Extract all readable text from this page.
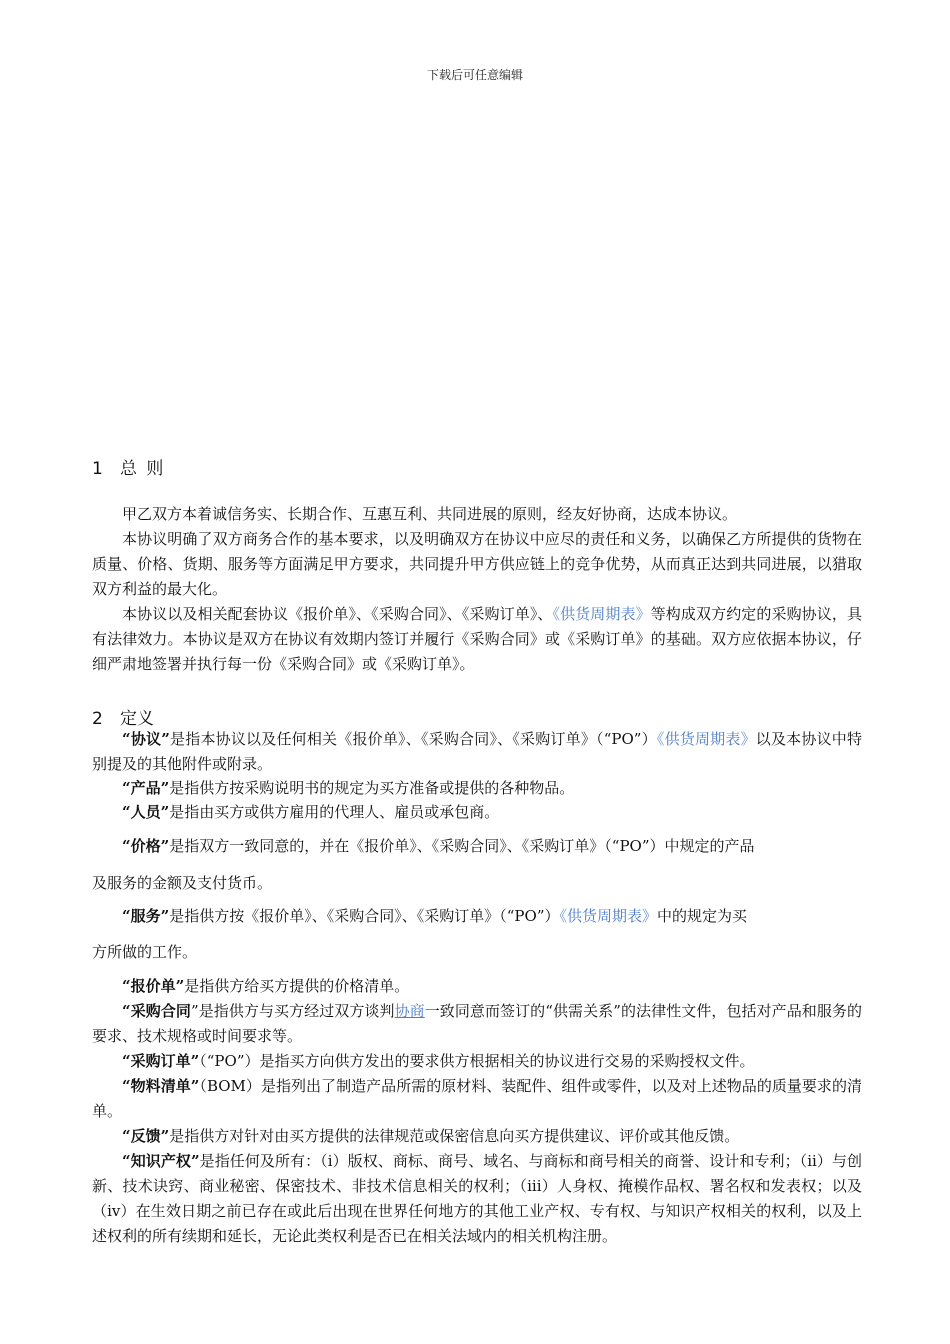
下载后可任意编辑
1 总 则

甲乙双方本着诚信务实、长期合作、互惠互利、共同进展的原则，经友好协商，达成本协议。

本协议明确了双方商务合作的基本要求，以及明确双方在协议中应尽的责任和义务，以确保乙方所提供的货物在质量、价格、货期、服务等方面满足甲方要求，共同提升甲方供应链上的竞争优势，从而真正达到共同进展，以猎取双方利益的最大化。

本协议以及相关配套协议《报价单》、《采购合同》、《采购订单》、《供货周期表》等构成双方约定的采购协议，具有法律效力。本协议是双方在协议有效期内签订并履行《采购合同》或《采购订单》的基础。双方应依据本协议，仔细严肃地签署并执行每一份《采购合同》或《采购订单》。

2 定义

“协议”是指本协议以及任何相关《报价单》、《采购合同》、《采购订单》（“PO”）《供货周期表》以及本协议中特别提及的其他附件或附录。

“产品”是指供方按采购说明书的规定为买方准备或提供的各种物品。

“人员”是指由买方或供方雇用的代理人、雇员或承包商。

“价格”是指双方一致同意的，并在《报价单》、《采购合同》、《采购订单》（“PO”）中规定的产品

及服务的金额及支付货币。

“服务”是指供方按《报价单》、《采购合同》、《采购订单》（“PO”）《供货周期表》中的规定为买

方所做的工作。

“报价单”是指供方给买方提供的价格清单。

“采购合同”是指供方与买方经过双方谈判协商一致同意而签订的“供需关系”的法律性文件，包括对产品和服务的要求、技术规格或时间要求等。

“采购订单”（“PO”）是指买方向供方发出的要求供方根据相关的协议进行交易的采购授权文件。

“物料清单”（BOM）是指列出了制造产品所需的原材料、装配件、组件或零件，以及对上述物品的质量要求的清单。

“反馈”是指供方对针对由买方提供的法律规范或保密信息向买方提供建议、评价或其他反馈。

“知识产权”是指任何及所有：（i）版权、商标、商号、域名、与商标和商号相关的商誉、设计和专利；（ii）与创新、技术诀窍、商业秘密、保密技术、非技术信息相关的权利；（iii）人身权、掩模作品权、署名权和发表权；以及（iv）在生效日期之前已存在或此后出现在世界任何地方的其他工业产权、专有权、与知识产权相关的权利，以及上述权利的所有续期和延长，无论此类权利是否已在相关法域内的相关机构注册。
